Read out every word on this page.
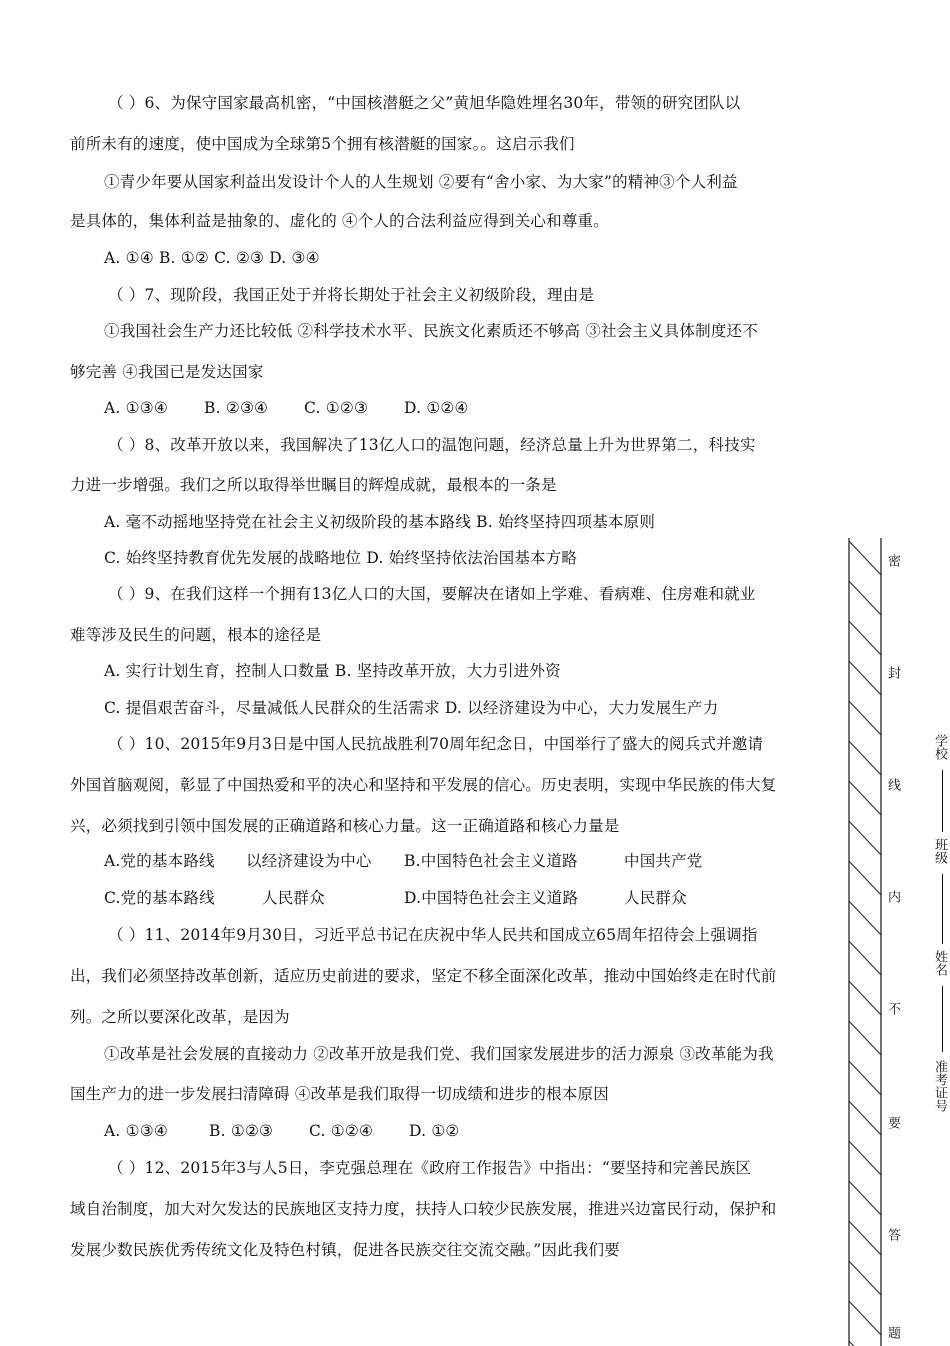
（ ）6、为保守国家最高机密，“中国核潜艇之父”黄旭华隐姓埋名30年，带领的研究团队以
前所未有的速度，使中国成为全球第5个拥有核潜艇的国家。。这启示我们
①青少年要从国家利益出发设计个人的人生规划 ②要有“舍小家、为大家”的精神③个人利益
是具体的，集体利益是抽象的、虚化的 ④个人的合法利益应得到关心和尊重。
A. ①④ B. ①② C. ②③ D. ③④
（ ）7、现阶段，我国正处于并将长期处于社会主义初级阶段，理由是
①我国社会生产力还比较低 ②科学技术水平、民族文化素质还不够高 ③社会主义具体制度还不
够完善 ④我国已是发达国家
A. ①③④ B. ②③④ C. ①②③ D. ①②④
（ ）8、改革开放以来，我国解决了13亿人口的温饱问题，经济总量上升为世界第二，科技实
力进一步增强。我们之所以取得举世瞩目的辉煌成就，最根本的一条是
A. 毫不动摇地坚持党在社会主义初级阶段的基本路线 B. 始终坚持四项基本原则
C. 始终坚持教育优先发展的战略地位 D. 始终坚持依法治国基本方略
（ ）9、在我们这样一个拥有13亿人口的大国，要解决在诸如上学难、看病难、住房难和就业
难等涉及民生的问题，根本的途径是
A. 实行计划生育，控制人口数量 B. 坚持改革开放，大力引进外资
C. 提倡艰苦奋斗，尽量减低人民群众的生活需求 D. 以经济建设为中心，大力发展生产力
（ ）10、2015年9月3日是中国人民抗战胜利70周年纪念日，中国举行了盛大的阅兵式并邀请
外国首脑观阅，彰显了中国热爱和平的决心和坚持和平发展的信心。历史表明，实现中华民族的伟大复
兴，必须找到引领中国发展的正确道路和核心力量。这一正确道路和核心力量是
A.党的基本路线 以经济建设为中心 B.中国特色社会主义道路	中国共产党
C.党的基本路线	人民群众	D.中国特色社会主义道路	人民群众
（ ）11、2014年9月30日，习近平总书记在庆祝中华人民共和国成立65周年招待会上强调指
出，我们必须坚持改革创新，适应历史前进的要求，坚定不移全面深化改革，推动中国始终走在时代前
列。之所以要深化改革，是因为
①改革是社会发展的直接动力 ②改革开放是我们党、我们国家发展进步的活力源泉 ③改革能为我
国生产力的进一步发展扫清障碍 ④改革是我们取得一切成绩和进步的根本原因
A. ①③④	B. ①②③ C. ①②④ D. ①②
（ ）12、2015年3与人5日，李克强总理在《政府工作报告》中指出：“要坚持和完善民族区
域自治制度，加大对欠发达的民族地区支持力度，扶持人口较少民族发展，推进兴边富民行动，保护和
发展少数民族优秀传统文化及特色村镇，促进各民族交往交流交融。”因此我们要
密
封
线
内
不
要
答
题
学校
班级
姓名
准考证号
